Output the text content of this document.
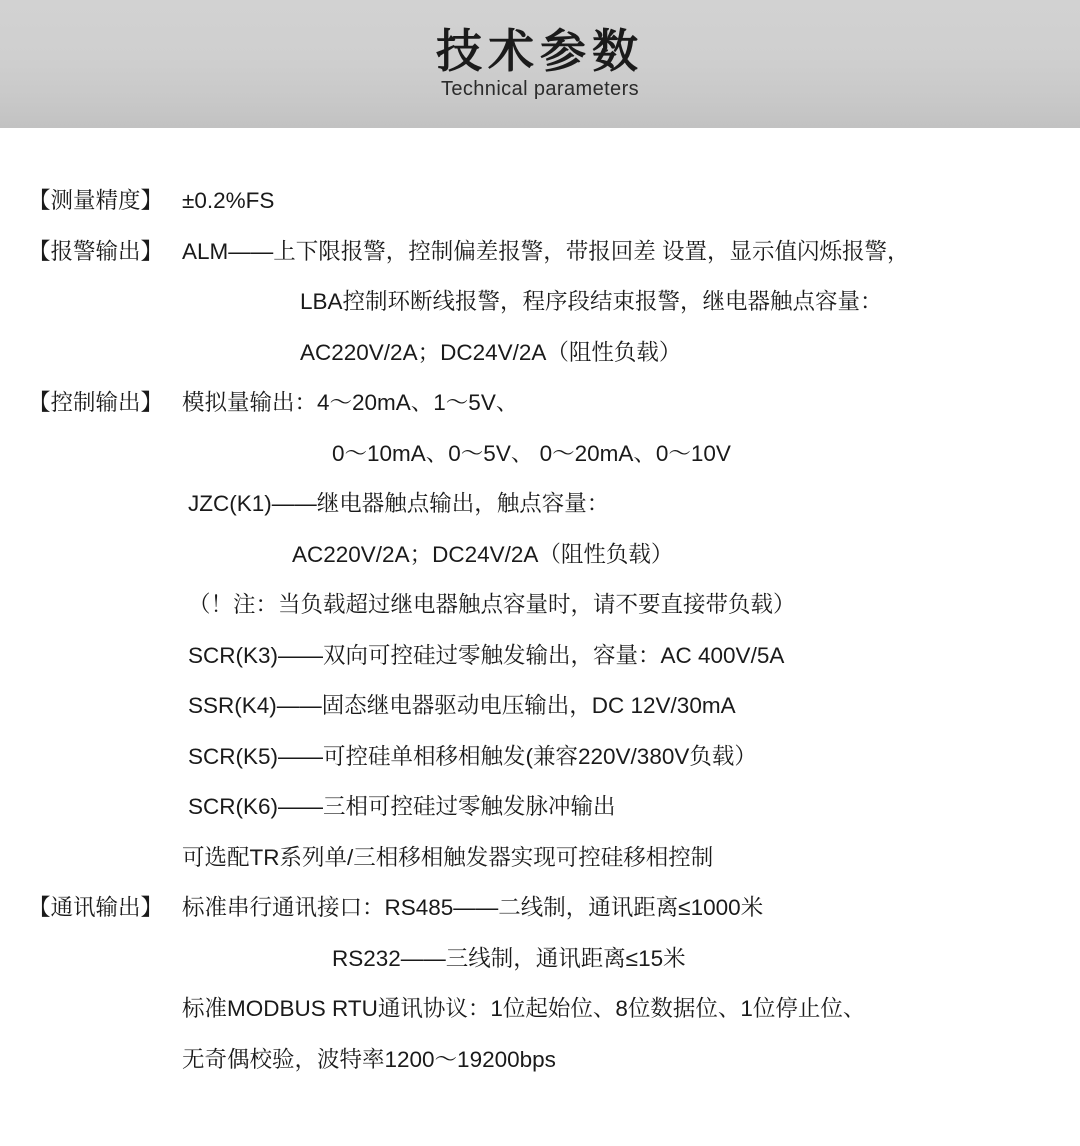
技术参数
Technical parameters
【测量精度】 ±0.2%FS
【报警输出】 ALM——上下限报警，控制偏差报警，带报回差 设置，显示值闪烁报警，
LBA控制环断线报警，程序段结束报警，继电器触点容量：
AC220V/2A；DC24V/2A（阻性负载）
【控制输出】 模拟量输出：4～20mA、1～5V、
0～10mA、0～5V、 0～20mA、0～10V
JZC(K1)——继电器触点输出，触点容量：
AC220V/2A；DC24V/2A（阻性负载）
（！注：当负载超过继电器触点容量时，请不要直接带负载）
SCR(K3)——双向可控硅过零触发输出，容量：AC 400V/5A
SSR(K4)——固态继电器驱动电压输出，DC 12V/30mA
SCR(K5)——可控硅单相移相触发(兼容220V/380V负载）
SCR(K6)——三相可控硅过零触发脉冲输出
可选配TR系列单/三相移相触发器实现可控硅移相控制
【通讯输出】 标准串行通讯接口：RS485——二线制，通讯距离≤1000米
RS232——三线制，通讯距离≤15米
标准MODBUS RTU通讯协议：1位起始位、8位数据位、1位停止位、
无奇偶校验，波特率1200～19200bps
